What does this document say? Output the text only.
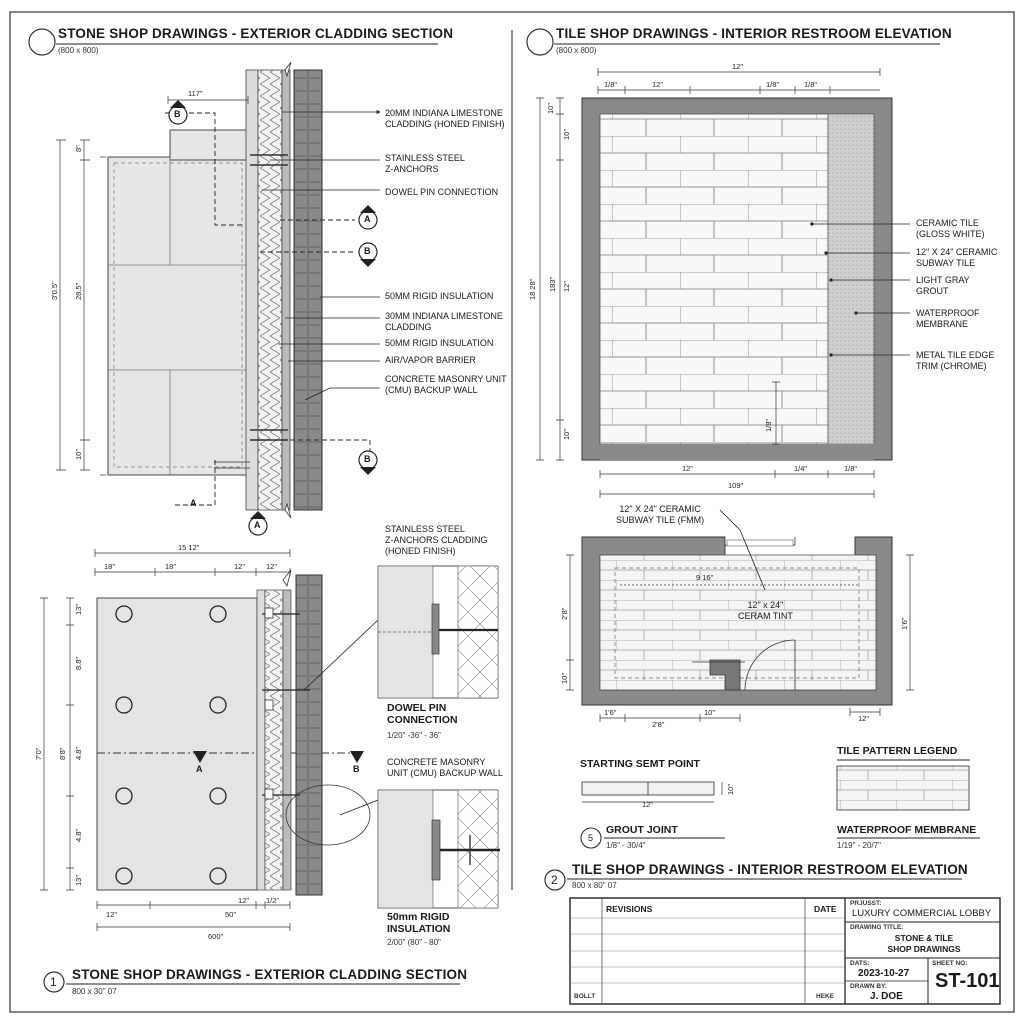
STONE SHOP DRAWINGS - EXTERIOR CLADDING SECTION
(800 x 800)
20MM INDIANA LIMESTONE
CLADDING (HONED FINISH)
STAINLESS STEEL
Z-ANCHORS
DOWEL PIN CONNECTION
50MM RIGID INSULATION
30MM INDIANA LIMESTONE
CLADDING
50MM RIGID INSULATION
AIR/VAPOR BARRIER
CONCRETE MASONRY UNIT
(CMU) BACKUP WALL
117"
3'0.5" 28.5"
8"
10"
B
A
B
B
A
A
15 12"
18"	18"	12"	12"
7'0" 8'8"
13"
8.8"
4.8"
4.8"
13"
12"	50"
12" 1/2"
600"
A	B
STAINLESS STEEL
Z-ANCHORS CLADDING
(HONED FINISH)
DOWEL PIN
CONNECTION
1/20" -36" - 36"
CONCRETE MASONRY
UNIT (CMU) BACKUP WALL
50mm RIGID
INSULATION
2/00" (80" - 80"
1 STONE SHOP DRAWINGS - EXTERIOR CLADDING SECTION
800 x 30" 07
TILE SHOP DRAWINGS - INTERIOR RESTROOM ELEVATION
(800 x 800)
12"
1/8"	12"	1/8"	1/8"
18 28" 183"
10"
10"
12"
10"
1/8"
12"	1/4"	1/8"
109"
CERAMIC TILE
(GLOSS WHITE)
12" X 24" CERAMIC
SUBWAY TILE
LIGHT GRAY
GROUT
WATERPROOF
MEMBRANE
METAL TILE EDGE
TRIM (CHROME)
12" X 24" CERAMIC
SUBWAY TILE (FMM)
9 16"
12" x 24"
CERAM TINT
2'8"
10"
1'6"
1'6"
2'8"
10"
12"
STARTING SEMT POINT
12"
10"
TILE PATTERN LEGEND
5
GROUT JOINT
1/8" - 30/4"
WATERPROOF MEMBRANE
1/19" - 20/7"
2
TILE SHOP DRAWINGS - INTERIOR RESTROOM ELEVATION
800 x 80" 07
REVISIONS	DATE
BOLLT	HEKE
PRJUSST:
LUXURY COMMERCIAL LOBBY
DRAWING TITLE:
STONE & TILE
SHOP DRAWINGS
DATS:
2023-10-27
DRAWN BY:
J. DOE
SHEET NO:
ST-101
